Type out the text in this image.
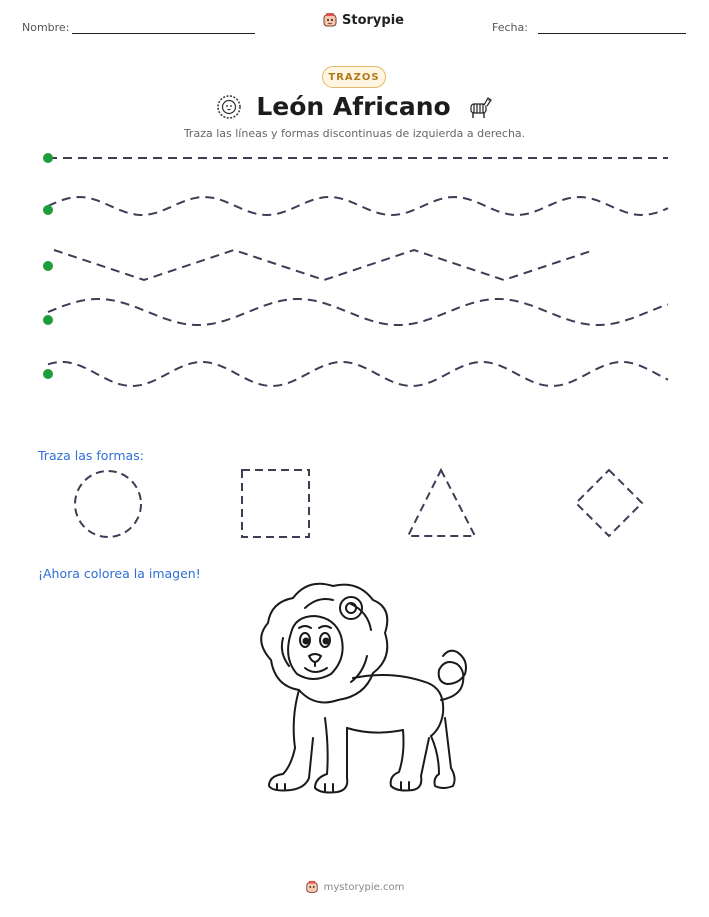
Nombre:	Storypie	Fecha:
TRAZOS
León Africano
Traza las líneas y formas discontinuas de izquierda a derecha.
Traza las formas:
¡Ahora colorea la imagen!
mystorypie.com
